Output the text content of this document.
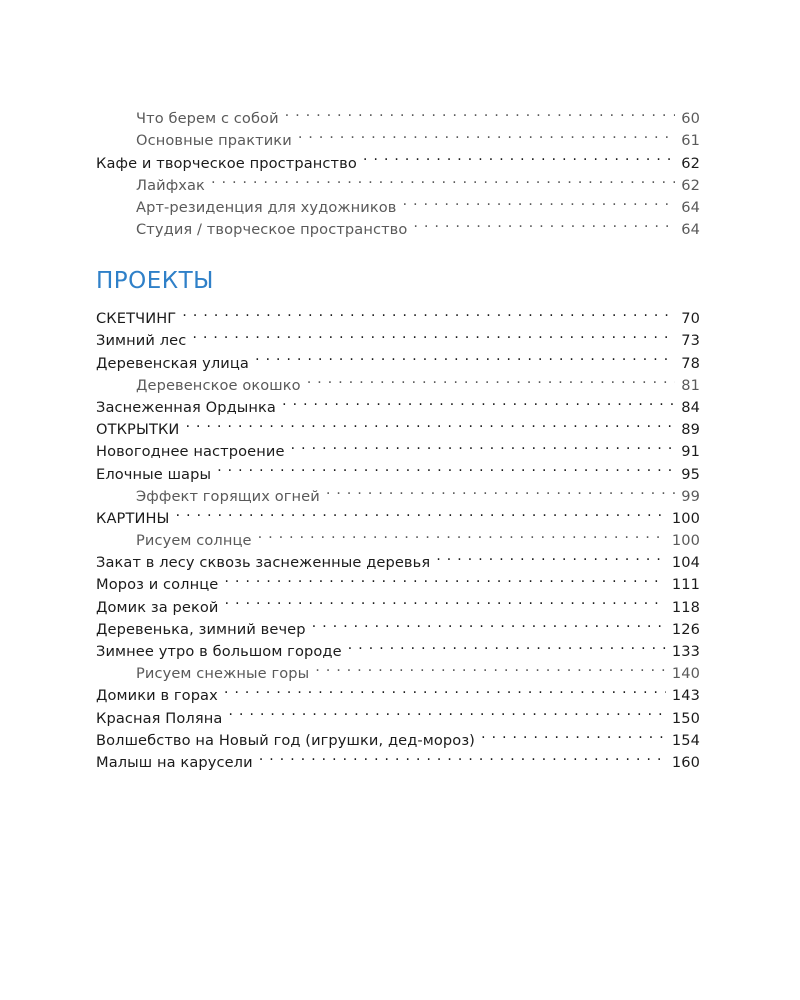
Что берем с собой . . .	60
Основные практики . . .	61
Кафе и творческое пространство . . .	62
Лайфхак . . .	62
Арт-резиденция для художников . . .	64
Студия / творческое пространство . . .	64
ПРОЕКТЫ
СКЕТЧИНГ . . .	70
Зимний лес . . .	73
Деревенская улица . . .	78
Деревенское окошко . . .	81
Заснеженная Ордынка . . .	84
ОТКРЫТКИ . . .	89
Новогоднее настроение . . .	91
Елочные шары . . .	95
Эффект горящих огней . . .	99
КАРТИНЫ . . .	100
Рисуем солнце . . .	100
Закат в лесу сквозь заснеженные деревья . . .	104
Мороз и солнце . . .	111
Домик за рекой . . .	118
Деревенька, зимний вечер . . .	126
Зимнее утро в большом городе . . .	133
Рисуем снежные горы . . .	140
Домики в горах . . .	143
Красная Поляна . . .	150
Волшебство на Новый год (игрушки, дед-мороз) . . .	154
Малыш на карусели . . .	160
